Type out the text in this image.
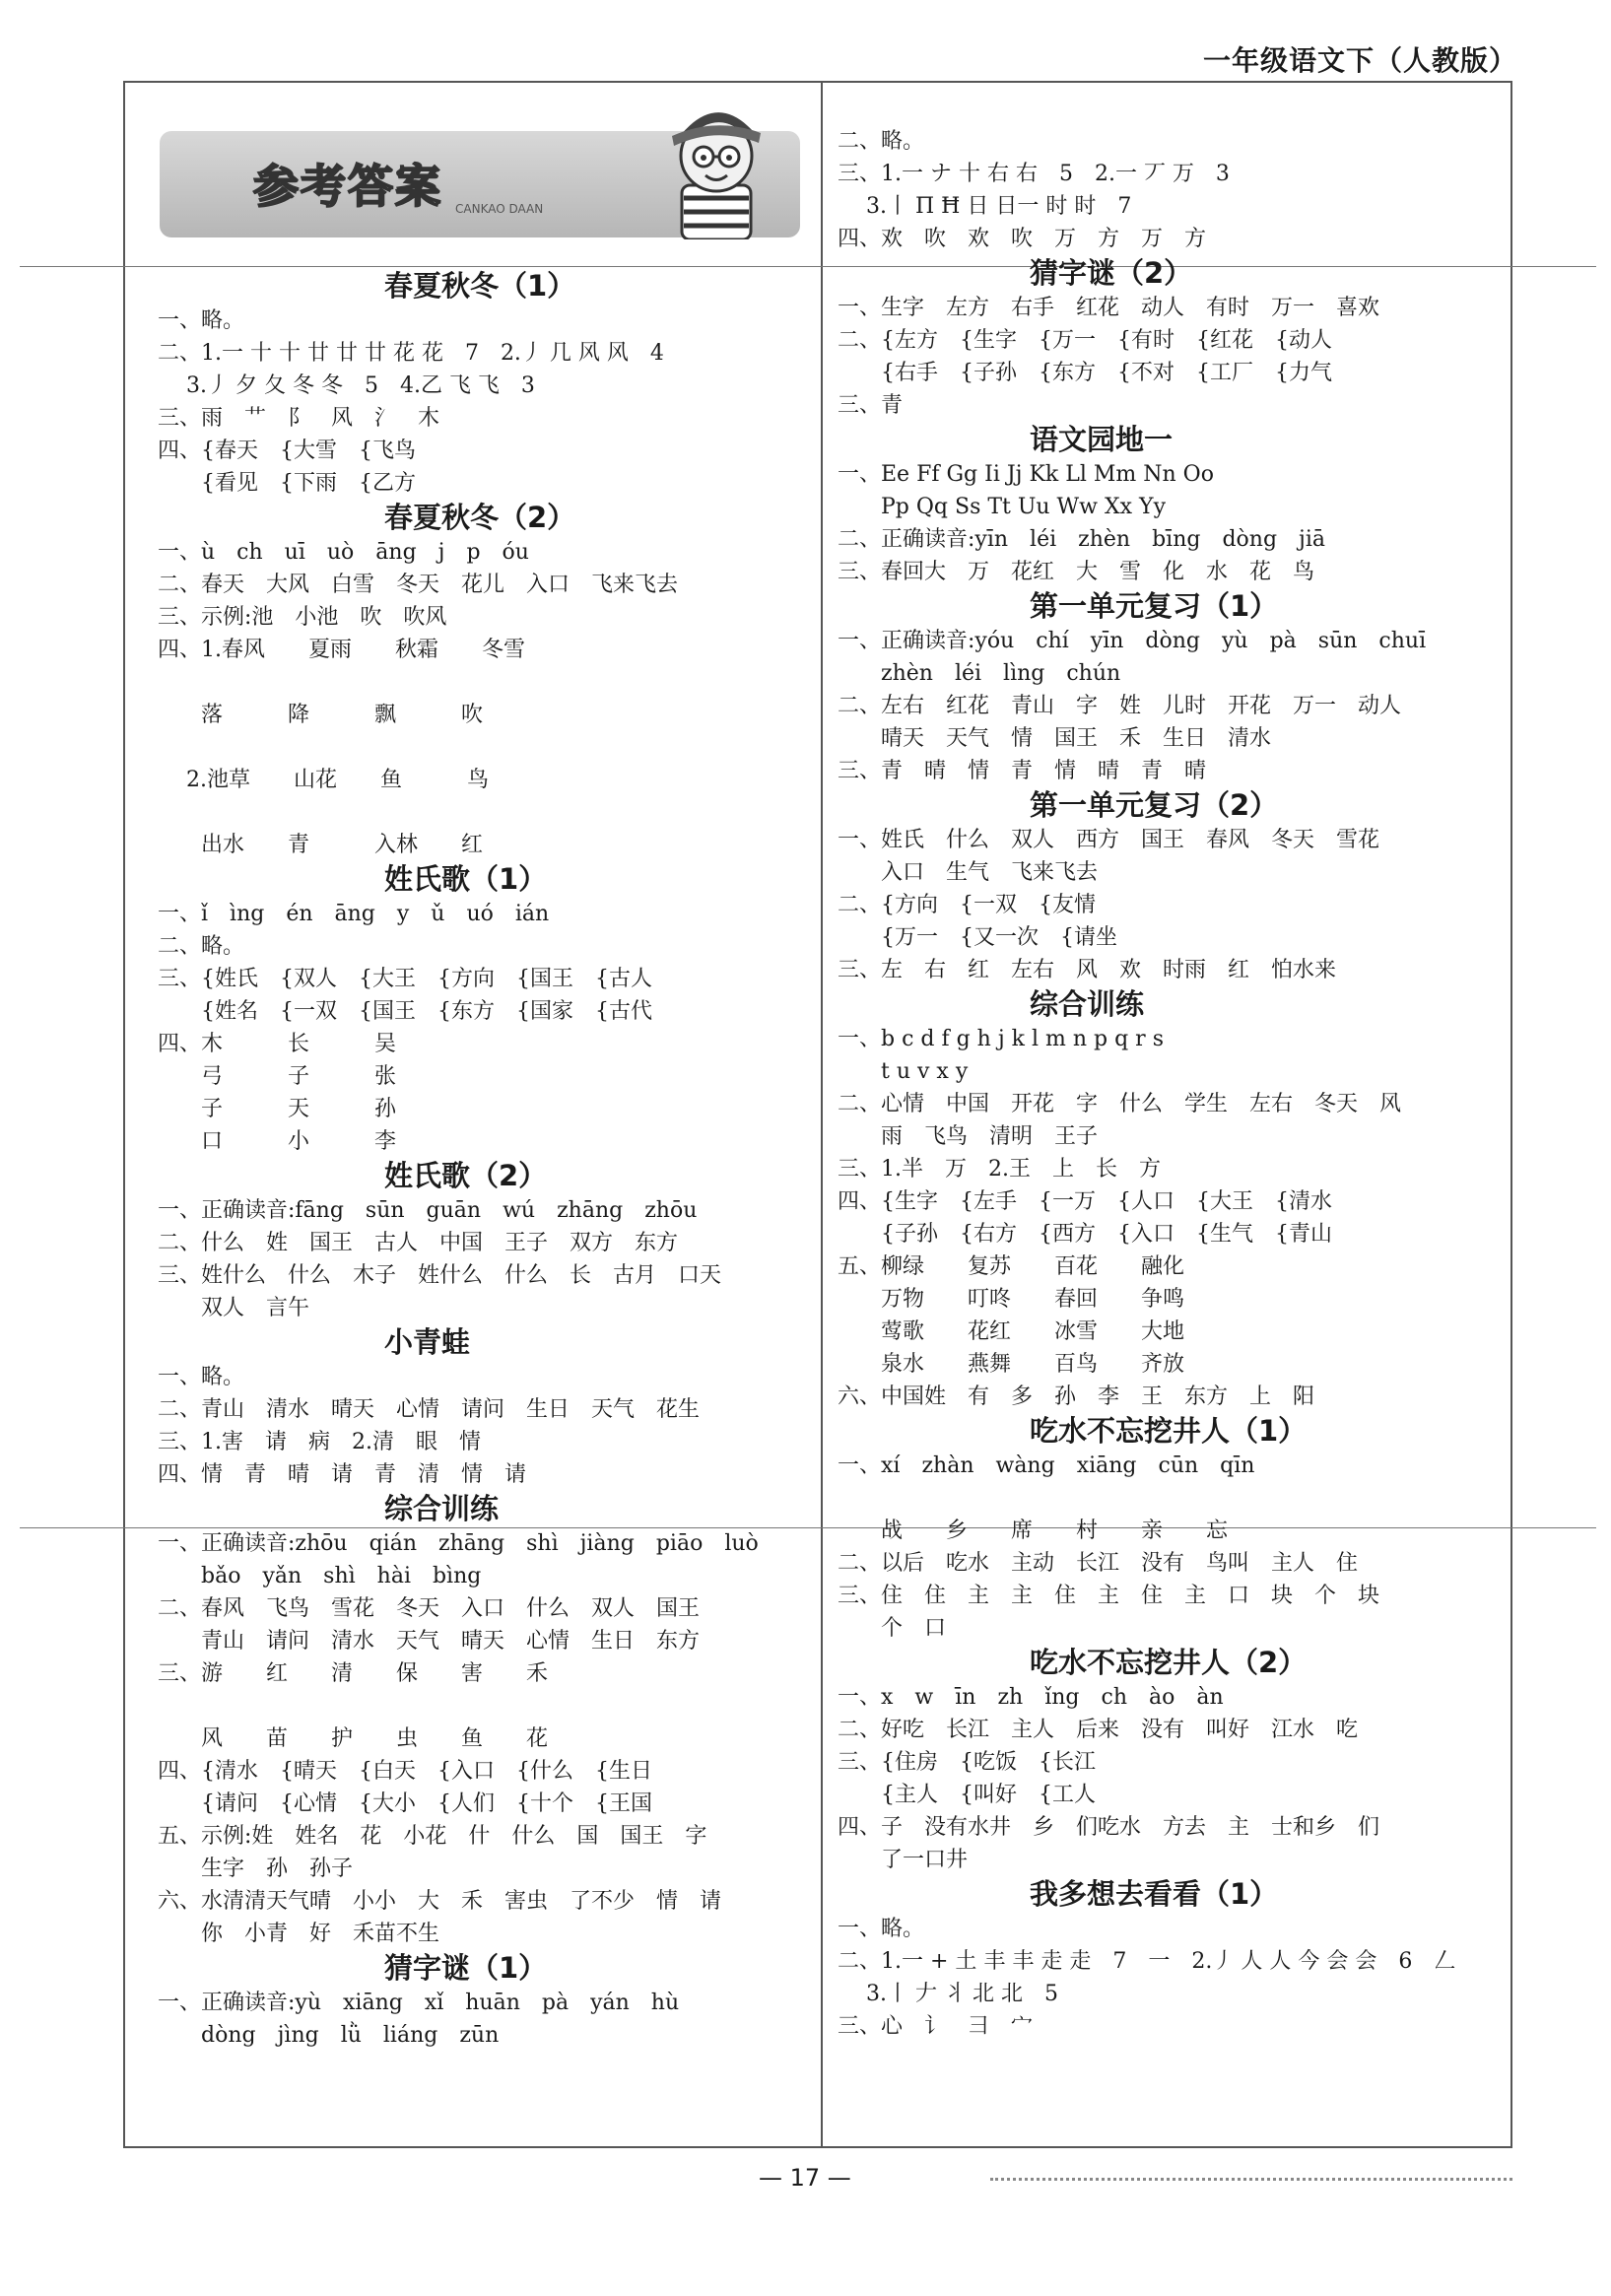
一年级语文下（人教版）
参考答案 CANKAO DAAN
春夏秋冬（1）
一、略。
二、1.一 十 十 廿 廿 廿 花 花　7　2.丿 几 风 风　4
　 3.丿 夕 夂 冬 冬　5　4.乙 飞 飞　3
三、雨　艹　阝　风　氵　木
四、{春天　{大雪　{飞鸟
　　{看见　{下雨　{乙方
春夏秋冬（2）
一、ù　ch　uī　uò　āng　j　p　óu
二、春天　大风　白雪　冬天　花儿　入口　飞来飞去
三、示例:池　小池　吹　吹风
四、1.春风　　夏雨　　秋霜　　冬雪
　　落　　　降　　　飘　　　吹
　 2.池草　　山花　　鱼　　　鸟
　　出水　　青　　　入林　　红
姓氏歌（1）
一、ǐ　ìng　én　āng　y　ǔ　uó　ián
二、略。
三、{姓氏　{双人　{大王　{方向　{国王　{古人
　　{姓名　{一双　{国王　{东方　{国家　{古代
四、木　　　长　　　吴
　　弓　　　子　　　张
　　子　　　天　　　孙
　　口　　　小　　　李
姓氏歌（2）
一、正确读音:fāng　sūn　guān　wú　zhāng　zhōu
二、什么　姓　国王　古人　中国　王子　双方　东方
三、姓什么　什么　木子　姓什么　什么　长　古月　口天
　　双人　言午
小青蛙
一、略。
二、青山　清水　晴天　心情　请问　生日　天气　花生
三、1.害　请　病　2.清　眼　情
四、情　青　晴　请　青　清　情　请
综合训练
一、正确读音:zhōu　qián　zhāng　shì　jiàng　piāo　luò
　　bǎo　yǎn　shì　hài　bìng
二、春风　飞鸟　雪花　冬天　入口　什么　双人　国王
　　青山　请问　清水　天气　晴天　心情　生日　东方
三、游　　红　　清　　保　　害　　禾
　　风　　苗　　护　　虫　　鱼　　花
四、{清水　{晴天　{白天　{入口　{什么　{生日
　　{请问　{心情　{大小　{人们　{十个　{王国
五、示例:姓　姓名　花　小花　什　什么　国　国王　字
　　生字　孙　孙子
六、水清清天气晴　小小　大　禾　害虫　了不少　情　请
　　你　小青　好　禾苗不生
猜字谜（1）
一、正确读音:yù　xiāng　xǐ　huān　pà　yán　hù
　　dòng　jìng　lǜ　liáng　zūn
二、略。
三、1.一 ナ 十 右 右　5　2.一 丆 万　3
　 3.丨 П Ħ 日 日一 时 时　7
四、欢　吹　欢　吹　万　方　万　方
猜字谜（2）
一、生字　左方　右手　红花　动人　有时　万一　喜欢
二、{左方　{生字　{万一　{有时　{红花　{动人
　　{右手　{子孙　{东方　{不对　{工厂　{力气
三、青
语文园地一
一、Ee Ff Gg Ii Jj Kk Ll Mm Nn Oo
　　Pp Qq Ss Tt Uu Ww Xx Yy
二、正确读音:yīn　léi　zhèn　bīng　dòng　jiā
三、春回大　万　花红　大　雪　化　水　花　鸟
第一单元复习（1）
一、正确读音:yóu　chí　yīn　dòng　yù　pà　sūn　chuī
　　zhèn　léi　lìng　chún
二、左右　红花　青山　字　姓　儿时　开花　万一　动人
　　晴天　天气　情　国王　禾　生日　清水
三、青　晴　情　青　情　晴　青　晴
第一单元复习（2）
一、姓氏　什么　双人　西方　国王　春风　冬天　雪花
　　入口　生气　飞来飞去
二、{方向　{一双　{友情
　　{万一　{又一次　{请坐
三、左　右　红　左右　风　欢　时雨　红　怕水来
综合训练
一、b c d f g h j k l m n p q r s
　　t u v x y
二、心情　中国　开花　字　什么　学生　左右　冬天　风
　　雨　飞鸟　清明　王子
三、1.半　万　2.王　上　长　方
四、{生字　{左手　{一万　{人口　{大王　{清水
　　{子孙　{右方　{西方　{入口　{生气　{青山
五、柳绿　　复苏　　百花　　融化
　　万物　　叮咚　　春回　　争鸣
　　莺歌　　花红　　冰雪　　大地
　　泉水　　燕舞　　百鸟　　齐放
六、中国姓　有　多　孙　李　王　东方　上　阳
吃水不忘挖井人（1）
一、xí　zhàn　wàng　xiāng　cūn　qīn
　　战　　乡　　席　　村　　亲　　忘
二、以后　吃水　主动　长江　没有　鸟叫　主人　住
三、住　住　主　主　住　主　住　主　口　块　个　块
　　个　口
吃水不忘挖井人（2）
一、x　w　īn　zh　ǐng　ch　ào　àn
二、好吃　长江　主人　后来　没有　叫好　江水　吃
三、{住房　{吃饭　{长江
　　{主人　{叫好　{工人
四、子　没有水井　乡　们吃水　方去　主　士和乡　们
　　了一口井
我多想去看看（1）
一、略。
二、1.一 + 土 丰 丰 走 走　7　一　2.丿 人 人 今 会 会　6　𠃋
　 3.丨 𠂇 丬 北 北　5
三、心　讠　彐　宀
— 17 —
